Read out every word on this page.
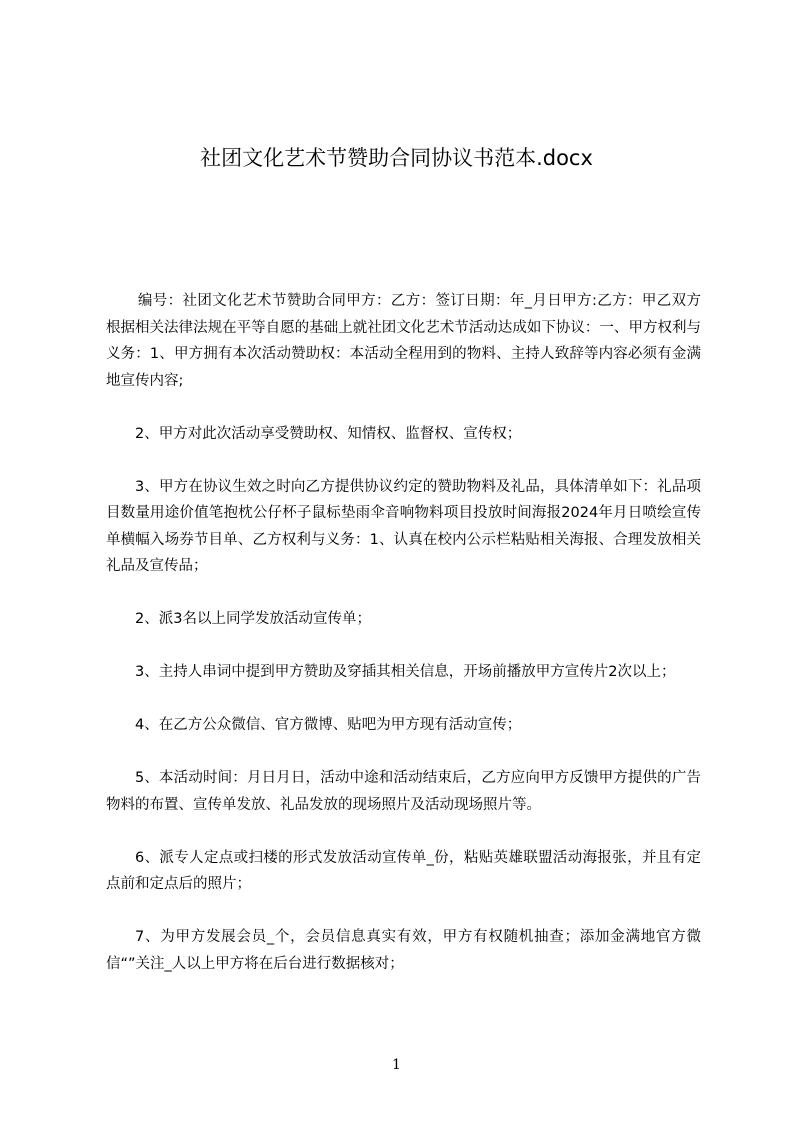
社团文化艺术节赞助合同协议书范本.docx

编号：社团文化艺术节赞助合同甲方：乙方：签订日期：年_月日甲方:乙方：甲乙双方根据相关法律法规在平等自愿的基础上就社团文化艺术节活动达成如下协议：一、甲方权利与义务：1、甲方拥有本次活动赞助权：本活动全程用到的物料、主持人致辞等内容必须有金满地宣传内容;

2、甲方对此次活动享受赞助权、知情权、监督权、宣传权；

3、甲方在协议生效之时向乙方提供协议约定的赞助物料及礼品，具体清单如下：礼品项目数量用途价值笔抱枕公仔杯子鼠标垫雨伞音响物料项目投放时间海报2024年月日喷绘宣传单横幅入场券节目单、乙方权利与义务：1、认真在校内公示栏粘贴相关海报、合理发放相关礼品及宣传品；

2、派3名以上同学发放活动宣传单；

3、主持人串词中提到甲方赞助及穿插其相关信息，开场前播放甲方宣传片2次以上；

4、在乙方公众微信、官方微博、贴吧为甲方现有活动宣传；

5、本活动时间：月日月日，活动中途和活动结束后，乙方应向甲方反馈甲方提供的广告物料的布置、宣传单发放、礼品发放的现场照片及活动现场照片等。

6、派专人定点或扫楼的形式发放活动宣传单_份，粘贴英雄联盟活动海报张，并且有定点前和定点后的照片；

7、为甲方发展会员_个，会员信息真实有效，甲方有权随机抽查；添加金满地官方微信“”关注_人以上甲方将在后台进行数据核对；

1
